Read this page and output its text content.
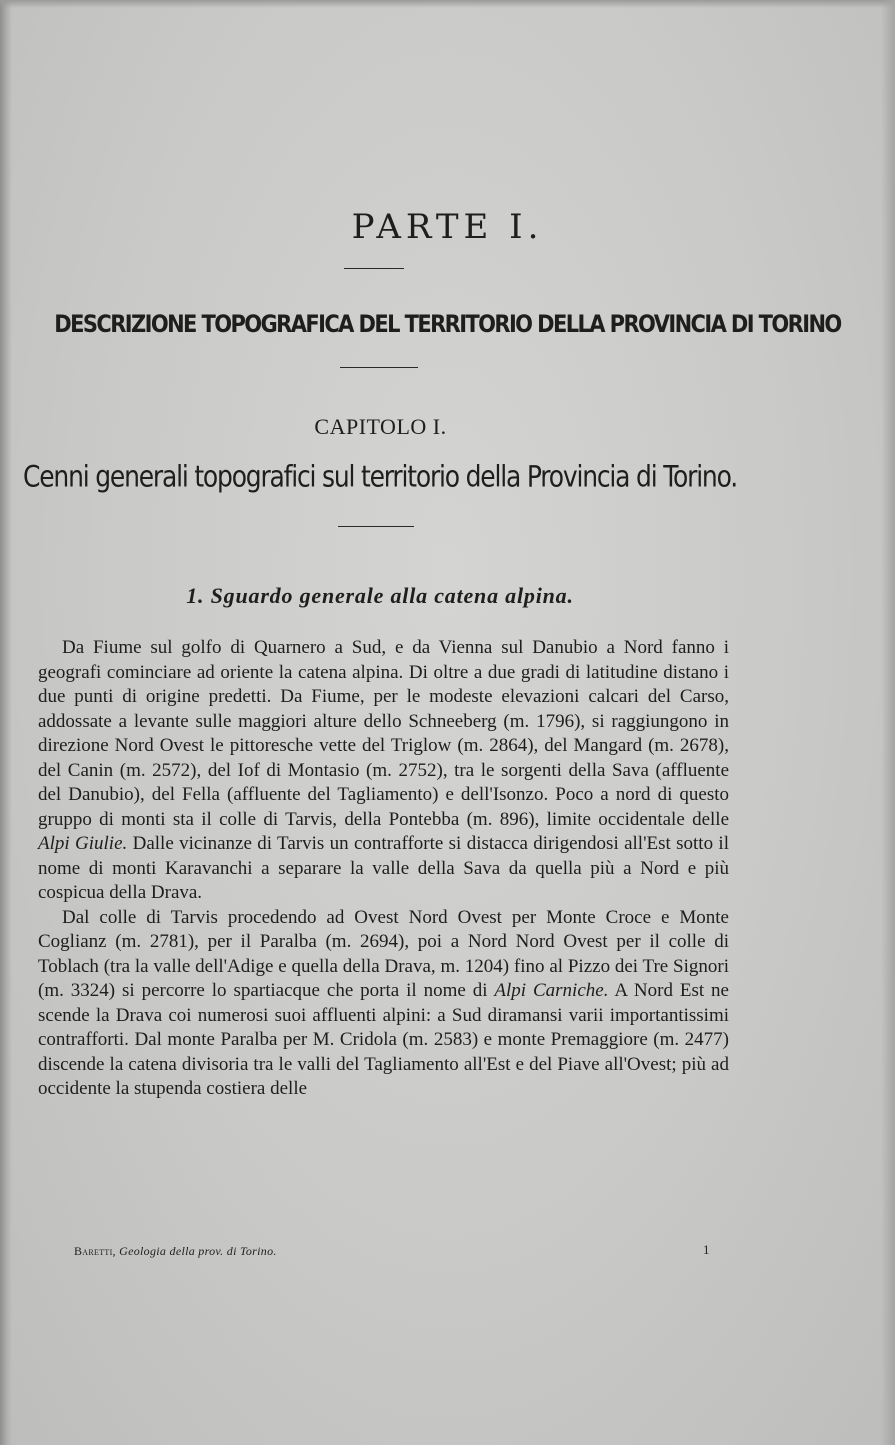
PARTE I.
DESCRIZIONE TOPOGRAFICA DEL TERRITORIO DELLA PROVINCIA DI TORINO
CAPITOLO I.
Cenni generali topografici sul territorio della Provincia di Torino.
1. Sguardo generale alla catena alpina.

Da Fiume sul golfo di Quarnero a Sud, e da Vienna sul Danubio a Nord fanno i geografi cominciare ad oriente la catena alpina. Di oltre a due gradi di latitudine distano i due punti di origine predetti. Da Fiume, per le modeste elevazioni calcari del Carso, addossate a levante sulle maggiori alture dello Schneeberg (m. 1796), si raggiungono in direzione Nord Ovest le pittoresche vette del Triglow (m. 2864), del Mangard (m. 2678), del Canin (m. 2572), del Iof di Montasio (m. 2752), tra le sorgenti della Sava (affluente del Danubio), del Fella (affluente del Tagliamento) e dell'Isonzo. Poco a nord di questo gruppo di monti sta il colle di Tarvis, della Pontebba (m. 896), limite occidentale delle Alpi Giulie. Dalle vicinanze di Tarvis un contrafforte si distacca dirigendosi all'Est sotto il nome di monti Karavanchi a separare la valle della Sava da quella più a Nord e più cospicua della Drava.

Dal colle di Tarvis procedendo ad Ovest Nord Ovest per Monte Croce e Monte Coglianz (m. 2781), per il Paralba (m. 2694), poi a Nord Nord Ovest per il colle di Toblach (tra la valle dell'Adige e quella della Drava, m. 1204) fino al Pizzo dei Tre Signori (m. 3324) si percorre lo spartiacque che porta il nome di Alpi Carniche. A Nord Est ne scende la Drava coi numerosi suoi affluenti alpini: a Sud diramansi varii importantissimi contrafforti. Dal monte Paralba per M. Cridola (m. 2583) e monte Premaggiore (m. 2477) discende la catena divisoria tra le valli del Tagliamento all'Est e del Piave all'Ovest; più ad occidente la stupenda costiera delle

Baretti, Geologia della prov. di Torino.	1
